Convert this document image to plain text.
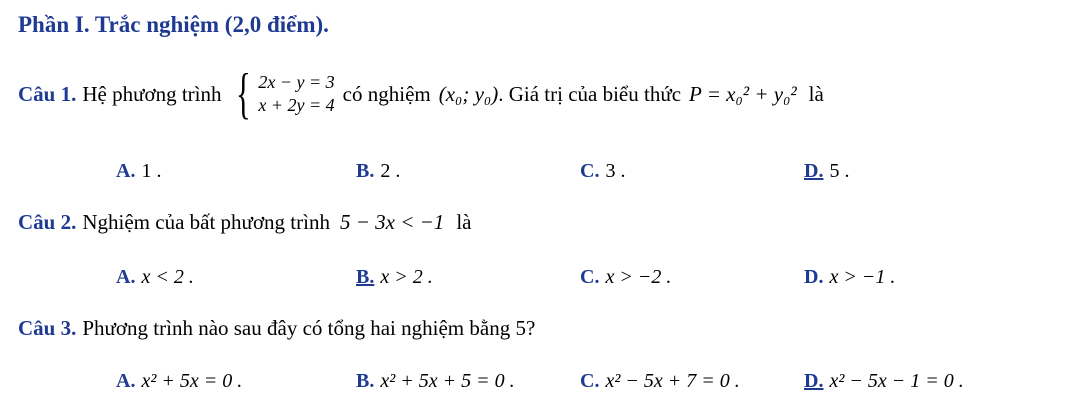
Phần I. Trắc nghiệm (2,0 điểm).
Câu 1. Hệ phương trình { 2x − y = 3
x + 2y = 4 có nghiệm (x₀; y₀) . Giá trị của biểu thức P = x₀² + y₀² là
A. 1 .	B. 2 .	C. 3 .	D. 5 .
Câu 2. Nghiệm của bất phương trình 5 − 3x < −1 là
A. x < 2 .	B. x > 2 .	C. x > −2 .	D. x > −1 .
Câu 3. Phương trình nào sau đây có tổng hai nghiệm bằng 5?
A. x² + 5x = 0 .	B. x² + 5x + 5 = 0 .	C. x² − 5x + 7 = 0 .	D. x² − 5x − 1 = 0 .
